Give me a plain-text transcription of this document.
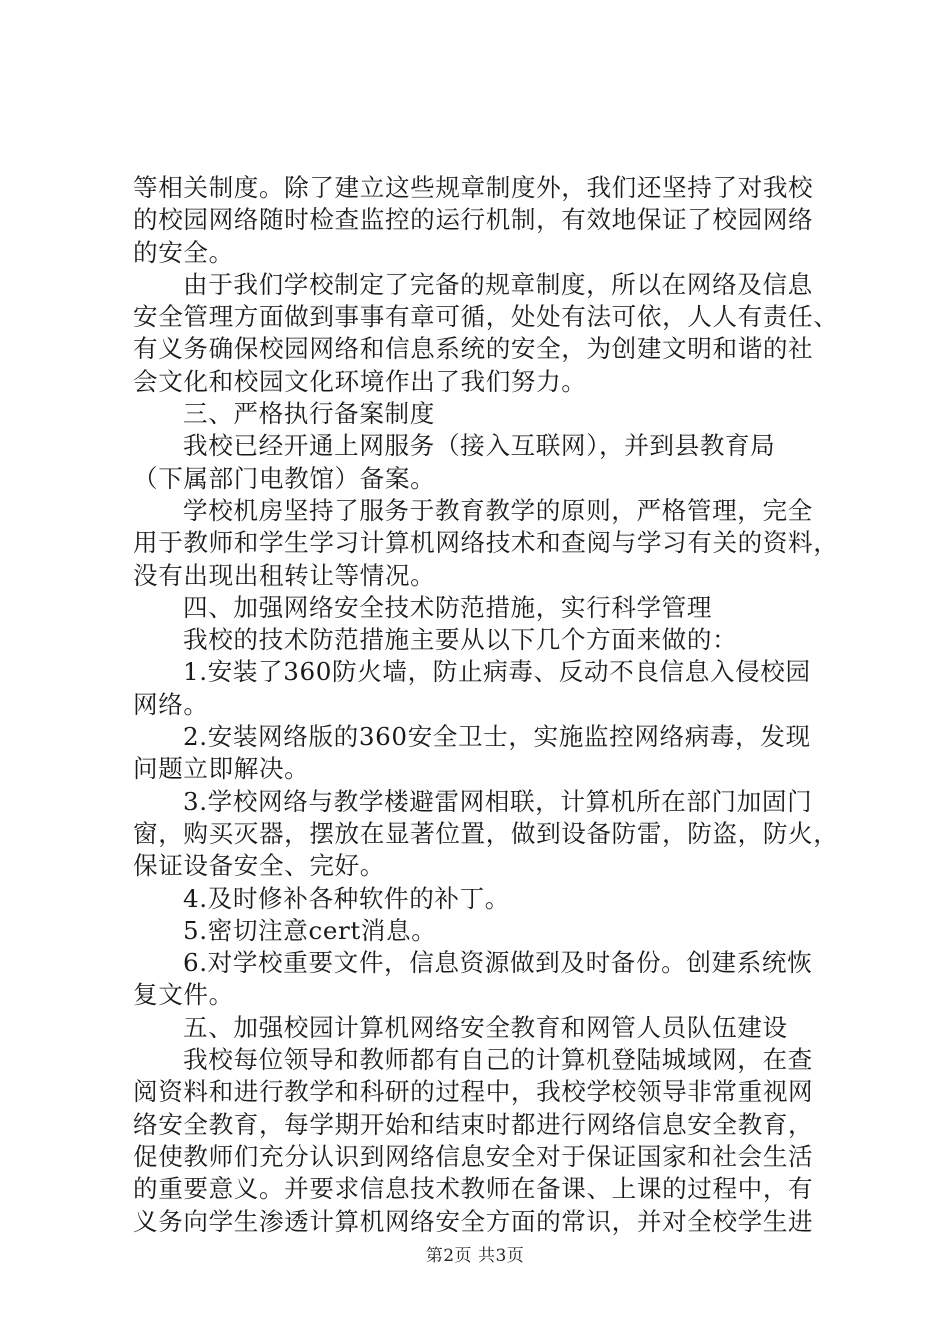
等相关制度。除了建立这些规章制度外，我们还坚持了对我校
的校园网络随时检查监控的运行机制，有效地保证了校园网络
的安全。
由于我们学校制定了完备的规章制度，所以在网络及信息
安全管理方面做到事事有章可循，处处有法可依，人人有责任、
有义务确保校园网络和信息系统的安全，为创建文明和谐的社
会文化和校园文化环境作出了我们努力。
三、严格执行备案制度
我校已经开通上网服务（接入互联网），并到县教育局
（下属部门电教馆）备案。
学校机房坚持了服务于教育教学的原则，严格管理，完全
用于教师和学生学习计算机网络技术和查阅与学习有关的资料，
没有出现出租转让等情况。
四、加强网络安全技术防范措施，实行科学管理
我校的技术防范措施主要从以下几个方面来做的：
1.安装了360防火墙，防止病毒、反动不良信息入侵校园
网络。
2.安装网络版的360安全卫士，实施监控网络病毒，发现
问题立即解决。
3.学校网络与教学楼避雷网相联，计算机所在部门加固门
窗，购买灭器，摆放在显著位置，做到设备防雷，防盗，防火，
保证设备安全、完好。
4.及时修补各种软件的补丁。
5.密切注意cert消息。
6.对学校重要文件，信息资源做到及时备份。创建系统恢
复文件。
五、加强校园计算机网络安全教育和网管人员队伍建设
我校每位领导和教师都有自己的计算机登陆城域网，在查
阅资料和进行教学和科研的过程中，我校学校领导非常重视网
络安全教育，每学期开始和结束时都进行网络信息安全教育，
促使教师们充分认识到网络信息安全对于保证国家和社会生活
的重要意义。并要求信息技术教师在备课、上课的过程中，有
义务向学生渗透计算机网络安全方面的常识，并对全校学生进
第2页 共3页
